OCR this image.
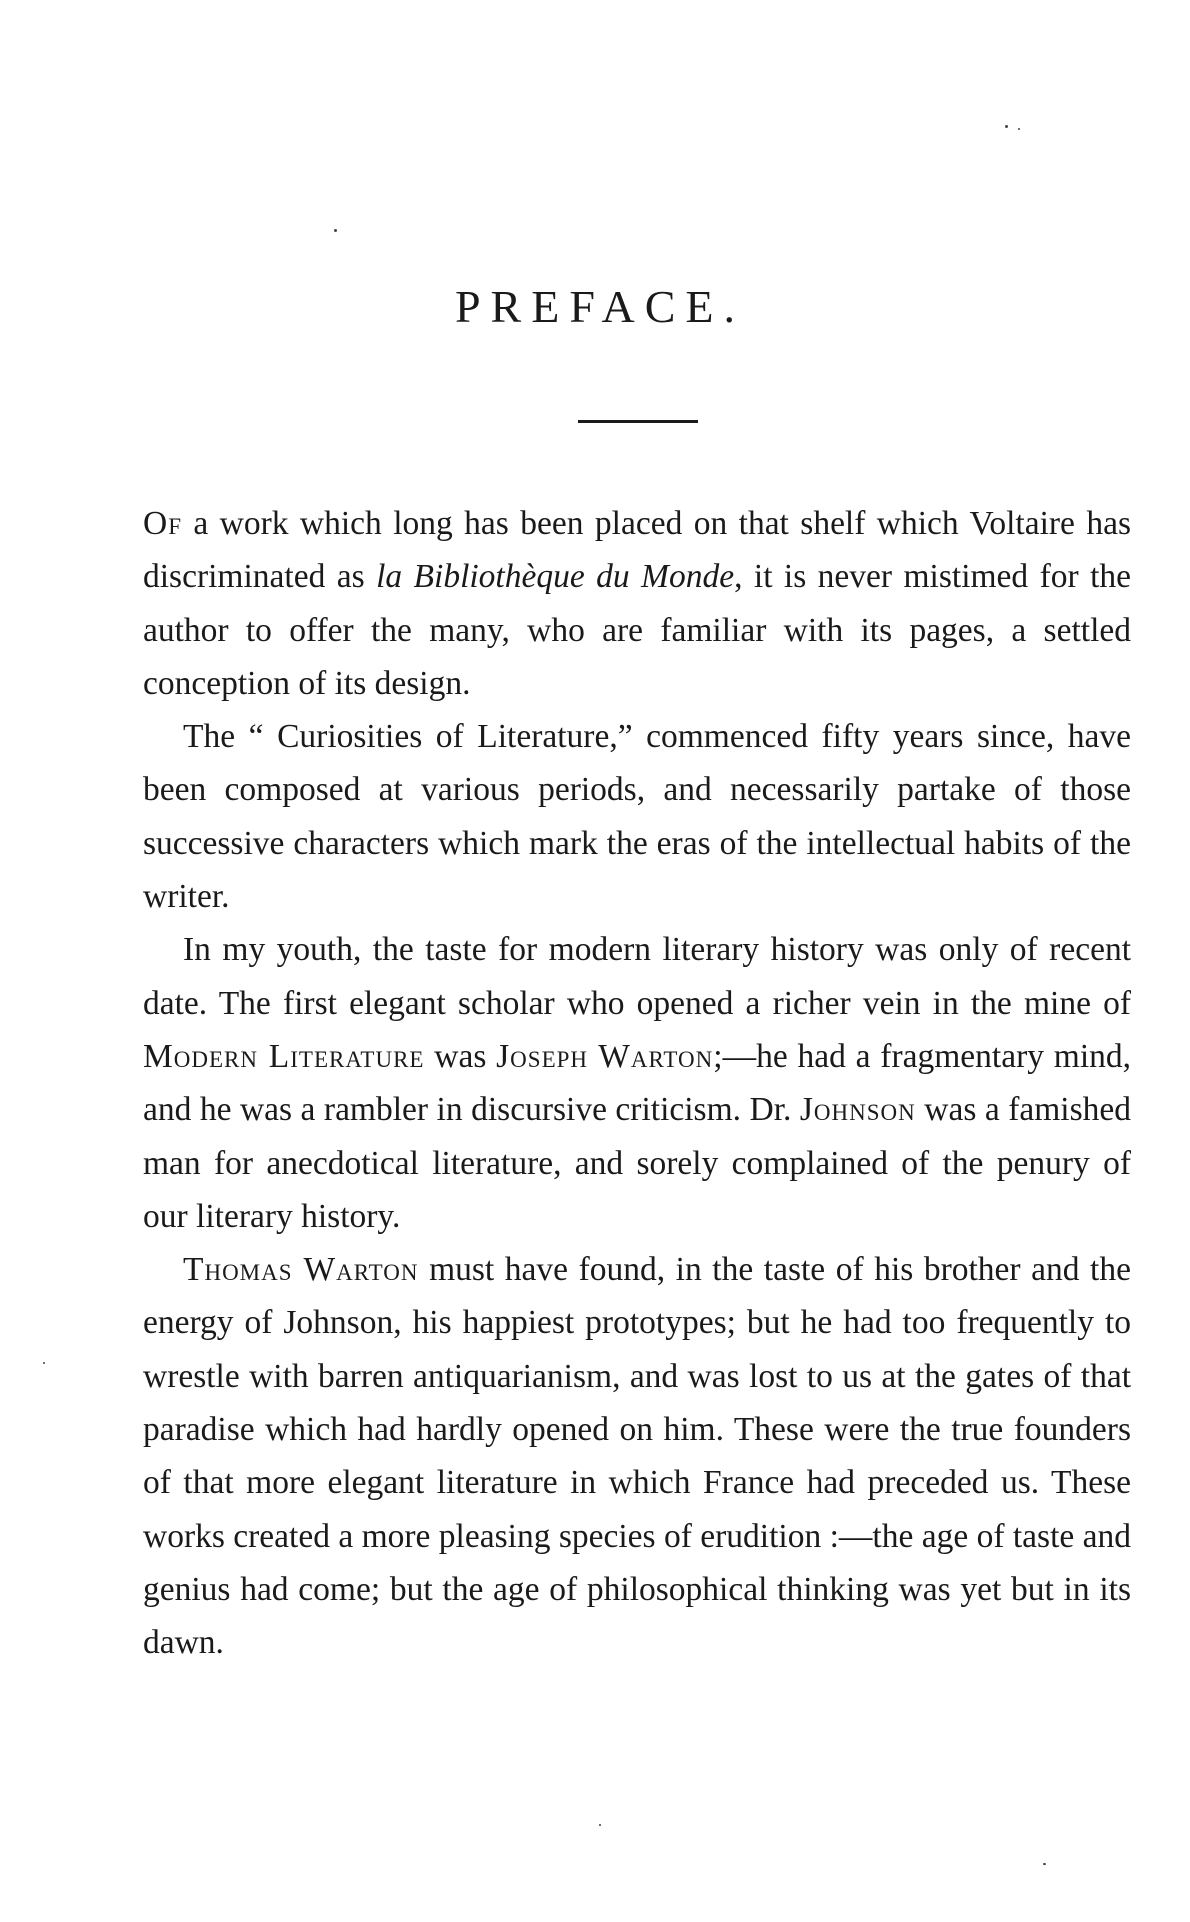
PREFACE.

Of a work which long has been placed on that shelf which Voltaire has discriminated as la Bibliothèque du Monde, it is never mistimed for the author to offer the many, who are familiar with its pages, a settled conception of its design.

The “ Curiosities of Literature,” commenced fifty years since, have been composed at various periods, and necessarily partake of those successive characters which mark the eras of the intellectual habits of the writer.

In my youth, the taste for modern literary history was only of recent date. The first elegant scholar who opened a richer vein in the mine of Modern Literature was Joseph Warton;—he had a fragmentary mind, and he was a rambler in discursive criticism. Dr. Johnson was a famished man for anecdotical literature, and sorely complained of the penury of our literary history.

Thomas Warton must have found, in the taste of his brother and the energy of Johnson, his happiest prototypes; but he had too frequently to wrestle with barren antiquarianism, and was lost to us at the gates of that paradise which had hardly opened on him. These were the true founders of that more elegant literature in which France had preceded us. These works created a more pleasing species of erudition :—the age of taste and genius had come; but the age of philosophical thinking was yet but in its dawn.
